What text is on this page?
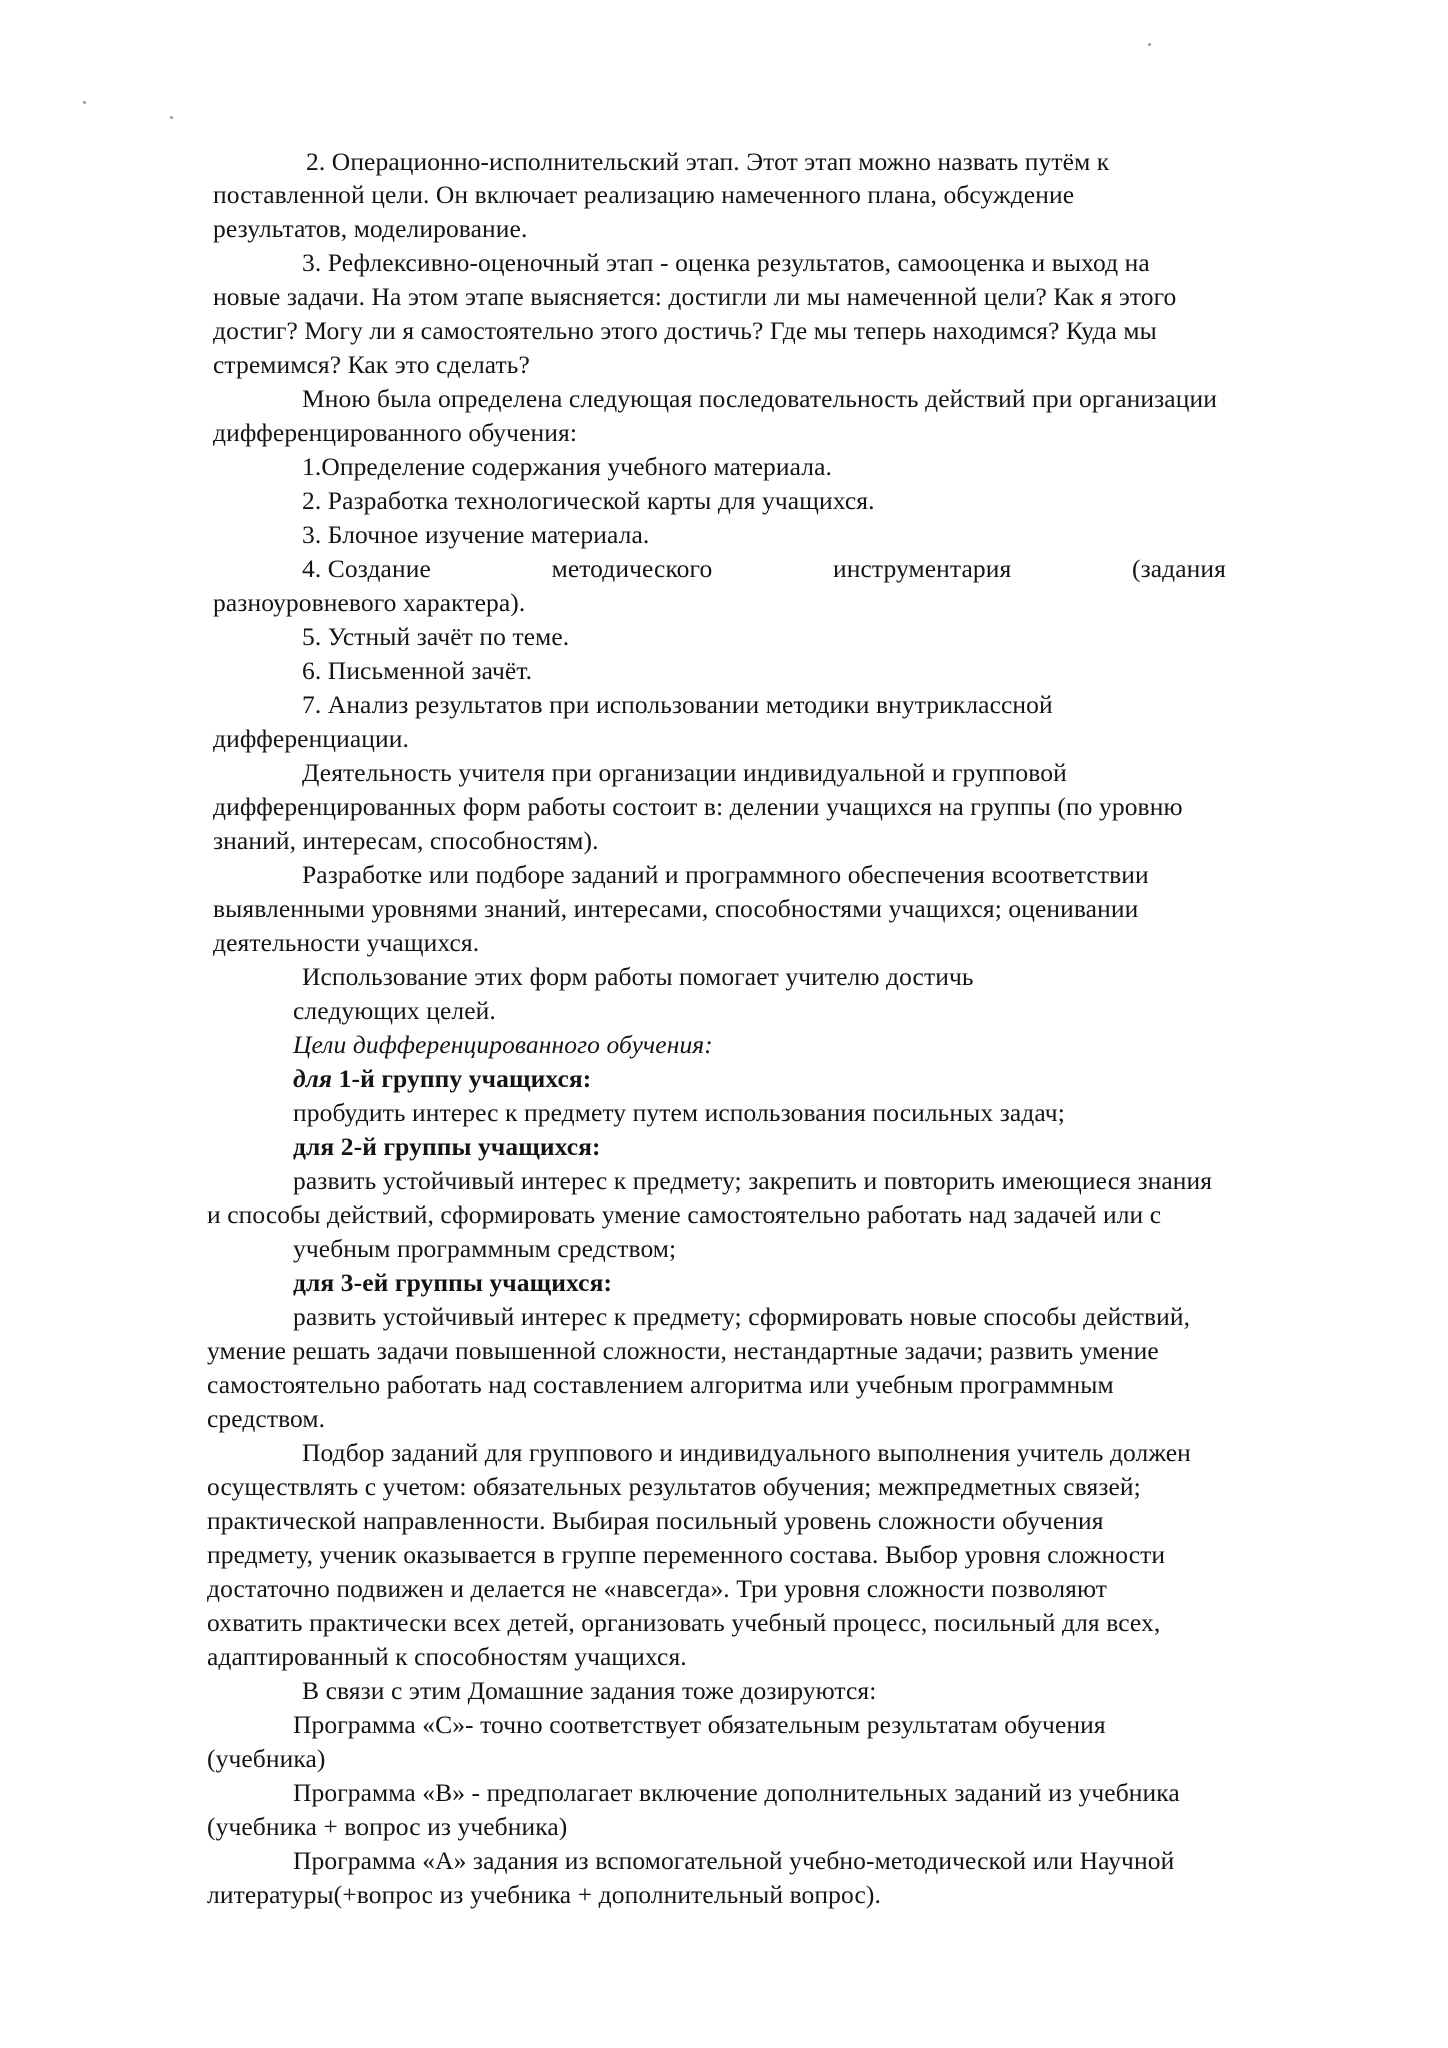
2. Операционно-исполнительский этап. Этот этап можно назвать путём к
поставленной цели. Он включает реализацию намеченного плана, обсуждение
результатов, моделирование.
3. Рефлексивно-оценочный этап - оценка результатов, самооценка и выход на
новые задачи. На этом этапе выясняется: достигли ли мы намеченной цели? Как я этого
достиг? Могу ли я самостоятельно этого достичь? Где мы теперь находимся? Куда мы
стремимся? Как это сделать?
Мною была определена следующая последовательность действий при организации
дифференцированного обучения:
1.Определение содержания учебного материала.
2. Разработка технологической карты для учащихся.
3. Блочное изучение материала.
4. Создание	методического	инструментария	(задания
разноуровневого характера).
5. Устный зачёт по теме.
6. Письменной зачёт.
7. Анализ результатов при использовании методики внутриклассной
дифференциации.
Деятельность учителя при организации индивидуальной и групповой
дифференцированных форм работы состоит в: делении учащихся на группы (по уровню
знаний, интересам, способностям).
Разработке или подборе заданий и программного обеспечения всоответствии
выявленными уровнями знаний, интересами, способностями учащихся; оценивании
деятельности учащихся.
Использование этих форм работы помогает учителю достичь
следующих целей.
Цели дифференцированного обучения:
для 1-й группу учащихся:
пробудить интерес к предмету путем использования посильных задач;
для 2-й группы учащихся:
развить устойчивый интерес к предмету; закрепить и повторить имеющиеся знания
и способы действий, сформировать умение самостоятельно работать над задачей или с
учебным программным средством;
для 3-ей группы учащихся:
развить устойчивый интерес к предмету; сформировать новые способы действий,
умение решать задачи повышенной сложности, нестандартные задачи; развить умение
самостоятельно работать над составлением алгоритма или учебным программным
средством.
Подбор заданий для группового и индивидуального выполнения учитель должен
осуществлять с учетом: обязательных результатов обучения; межпредметных связей;
практической направленности. Выбирая посильный уровень сложности обучения
предмету, ученик оказывается в группе переменного состава. Выбор уровня сложности
достаточно подвижен и делается не «навсегда». Три уровня сложности позволяют
охватить практически всех детей, организовать учебный процесс, посильный для всех,
адаптированный к способностям учащихся.
В связи с этим Домашние задания тоже дозируются:
Программа «С»- точно соответствует обязательным результатам обучения
(учебника)
Программа «В» - предполагает включение дополнительных заданий из учебника
(учебника + вопрос из учебника)
Программа «А» задания из вспомогательной учебно-методической или Научной
литературы(+вопрос из учебника + дополнительный вопрос).
